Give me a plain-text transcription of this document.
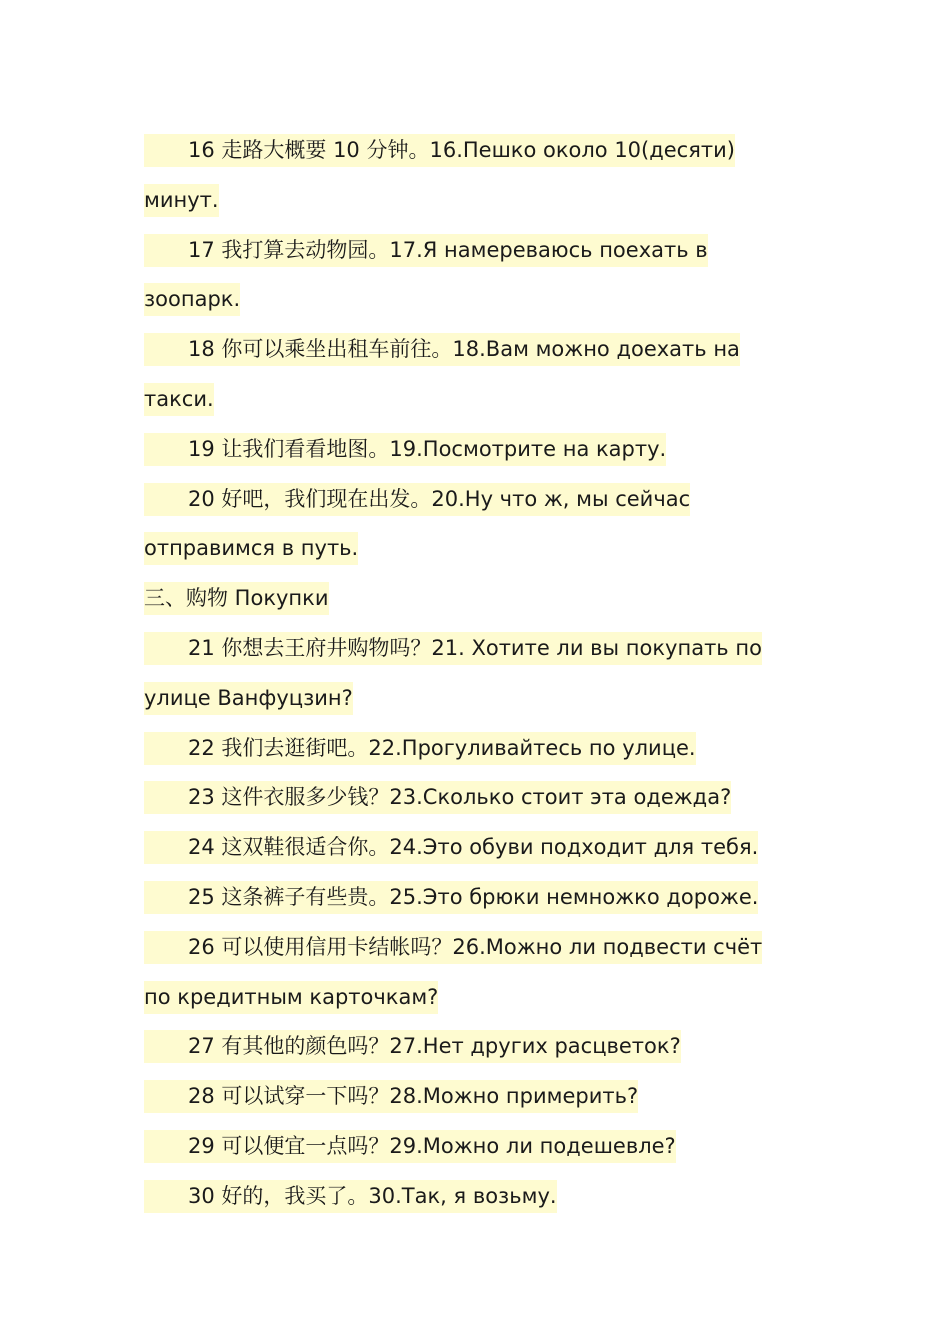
16 走路大概要 10 分钟。16.Пешко около 10(десяти)
минут.
17 我打算去动物园。17.Я намереваюсь поехать в
зоопарк.
18 你可以乘坐出租车前往。18.Вам можно доехать на
такси.
19 让我们看看地图。19.Посмотрите на карту.
20 好吧，我们现在出发。20.Ну что ж, мы сейчас
отправимся в путь.
三、购物 Покупки
21 你想去王府井购物吗？21. Хотите ли вы покупать по
улице Ванфуцзин?
22 我们去逛街吧。22.Прогуливайтесь по улице.
23 这件衣服多少钱？23.Сколько стоит эта одежда?
24 这双鞋很适合你。24.Это обуви подходит для тебя.
25 这条裤子有些贵。25.Это брюки немножко дороже.
26 可以使用信用卡结帐吗？26.Можно ли подвести счёт
по кредитным карточкам?
27 有其他的颜色吗？27.Нет других расцветок?
28 可以试穿一下吗？28.Можно примерить?
29 可以便宜一点吗？29.Можно ли подешевле?
30 好的，我买了。30.Так, я возьму.
